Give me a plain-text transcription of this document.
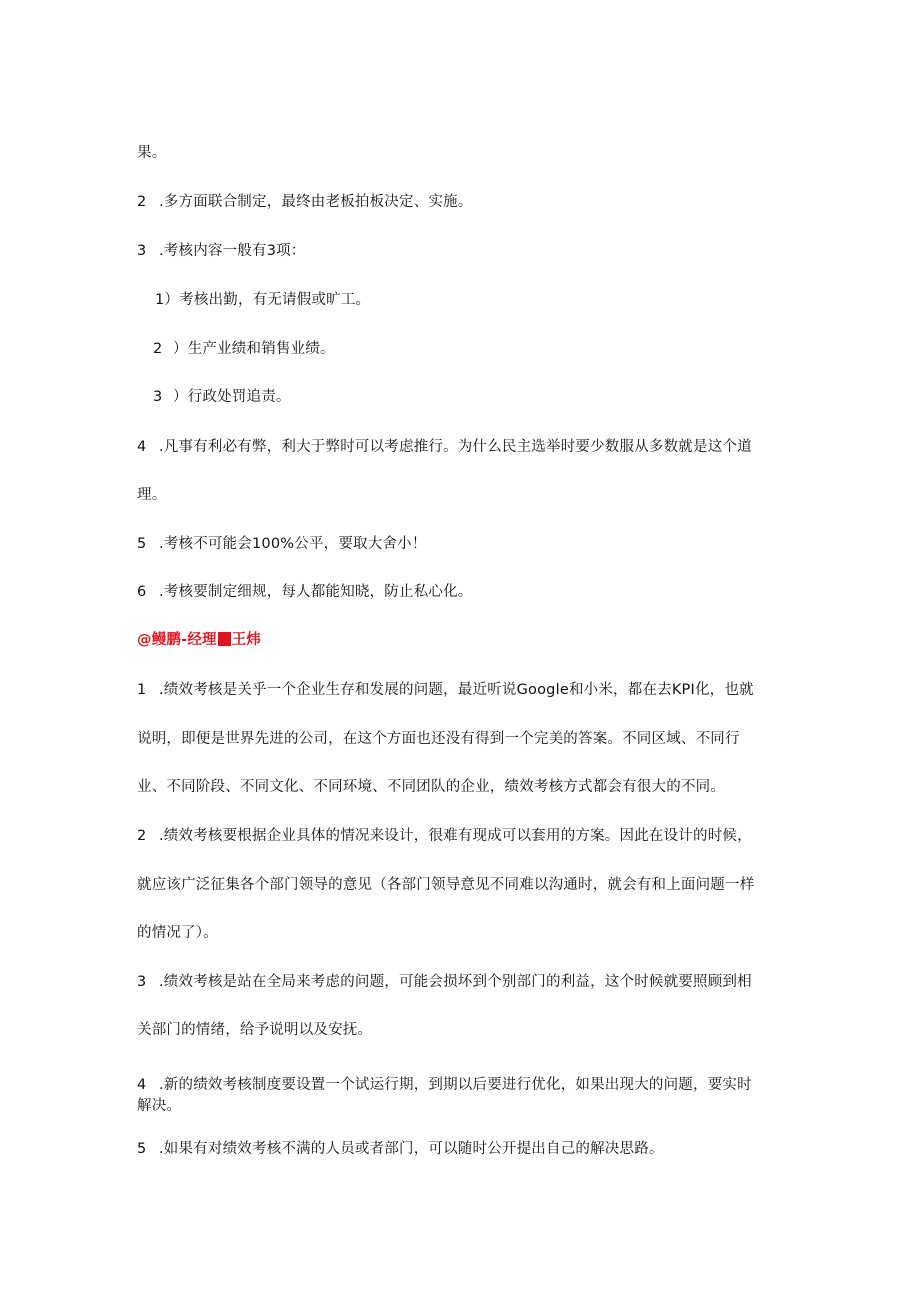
果。
2 .多方面联合制定，最终由老板拍板决定、实施。
3 .考核内容一般有3项：
1）考核出勤，有无请假或旷工。
2 ）生产业绩和销售业绩。
3 ）行政处罚追责。
4 .凡事有利必有弊，利大于弊时可以考虑推行。为什么民主选举时要少数服从多数就是这个道
理。
5 .考核不可能会100%公平，要取大舍小！
6 .考核要制定细规，每人都能知晓，防止私心化。
@鳗鹏-经理 王炜
1 .绩效考核是关乎一个企业生存和发展的问题，最近听说Google和小米，都在去KPI化，也就
说明，即便是世界先进的公司，在这个方面也还没有得到一个完美的答案。不同区域、不同行
业、不同阶段、不同文化、不同环境、不同团队的企业，绩效考核方式都会有很大的不同。
2 .绩效考核要根据企业具体的情况来设计，很难有现成可以套用的方案。因此在设计的时候，
就应该广泛征集各个部门领导的意见（各部门领导意见不同难以沟通时，就会有和上面问题一样
的情况了）。
3 .绩效考核是站在全局来考虑的问题，可能会损坏到个别部门的利益，这个时候就要照顾到相
关部门的情绪，给予说明以及安抚。
4 .新的绩效考核制度要设置一个试运行期，到期以后要进行优化，如果出现大的问题，要实时
解决。
5 .如果有对绩效考核不满的人员或者部门，可以随时公开提出自己的解决思路。
